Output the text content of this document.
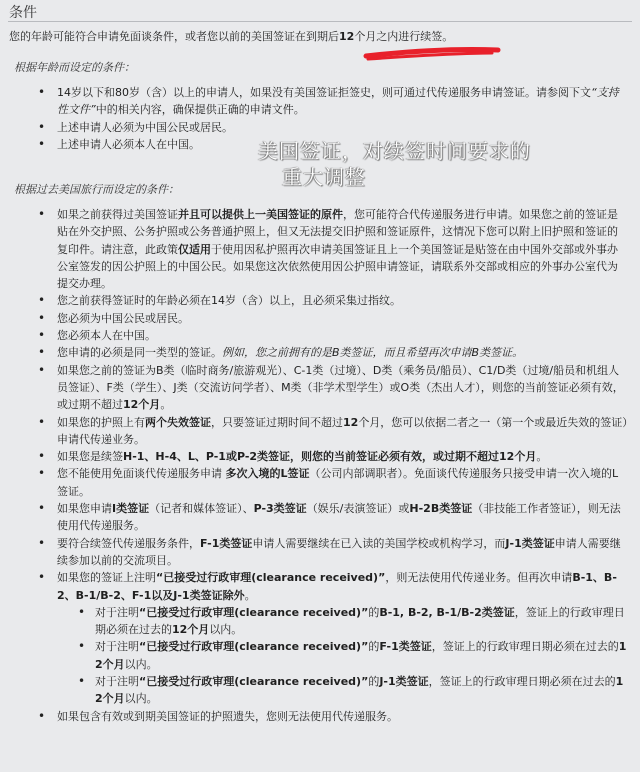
条件
您的年龄可能符合申请免面谈条件，或者您以前的美国签证在到期后12个月之内进行续签。
根据年龄而设定的条件：
• 14岁以下和80岁（含）以上的申请人，如果没有美国签证拒签史，则可通过代传递服务申请签证。请参阅下文“支持性文件”中的相关内容，确保提供正确的申请文件。
• 上述申请人必须为中国公民或居民。
• 上述申请人必须本人在中国。	美国签证，对续签时间要求的
重大调整
根据过去美国旅行而设定的条件：
• 如果之前获得过美国签证并且可以提供上一美国签证的原件，您可能符合代传递服务进行申请。如果您之前的签证是贴在外交护照、公务护照或公务普通护照上，但又无法提交旧护照和签证原件，这情况下您可以附上旧护照和签证的复印件。请注意，此政策仅适用于使用因私护照再次申请美国签证且上一个美国签证是贴签在由中国外交部或外事办公室签发的因公护照上的中国公民。如果您这次依然使用因公护照申请签证，请联系外交部或相应的外事办公室代为提交办理。
• 您之前获得签证时的年龄必须在14岁（含）以上，且必须采集过指纹。
• 您必须为中国公民或居民。
• 您必须本人在中国。
• 您申请的必须是同一类型的签证。例如，您之前拥有的是B类签证，而且希望再次申请B类签证。
• 如果您之前的签证为B类（临时商务/旅游观光）、C-1类（过境）、D类（乘务员/船员）、C1/D类（过境/船员和机组人员签证）、F类（学生）、J类（交流访问学者）、M类（非学术型学生）或O类（杰出人才），则您的当前签证必须有效，或过期不超过12个月。
• 如果您的护照上有两个失效签证，只要签证过期时间不超过12个月，您可以依据二者之一（第一个或最近失效的签证）申请代传递业务。
• 如果您是续签H-1、H-4、L、P-1或P-2类签证，则您的当前签证必须有效，或过期不超过12个月。
• 您不能使用免面谈代传递服务申请 多次入境的L签证（公司内部调职者）。免面谈代传递服务只接受申请一次入境的L签证。
• 如果您申请I类签证（记者和媒体签证）、P-3类签证（娱乐/表演签证）或H-2B类签证（非技能工作者签证），则无法使用代传递服务。
• 要符合续签代传递服务条件，F-1类签证申请人需要继续在已入读的美国学校或机构学习，而J-1类签证申请人需要继续参加以前的交流项目。
• 如果您的签证上注明“已接受过行政审理(clearance received)”，则无法使用代传递业务。但再次申请B-1、B-2、B-1/B-2、F-1以及J-1类签证除外。
• 对于注明“已接受过行政审理(clearance received)”的B-1, B-2, B-1/B-2类签证，签证上的行政审理日期必须在过去的12个月以内。
• 对于注明“已接受过行政审理(clearance received)”的F-1类签证，签证上的行政审理日期必须在过去的12个月以内。
• 对于注明“已接受过行政审理(clearance received)”的J-1类签证，签证上的行政审理日期必须在过去的12个月以内。
• 如果包含有效或到期美国签证的护照遗失，您则无法使用代传递服务。
